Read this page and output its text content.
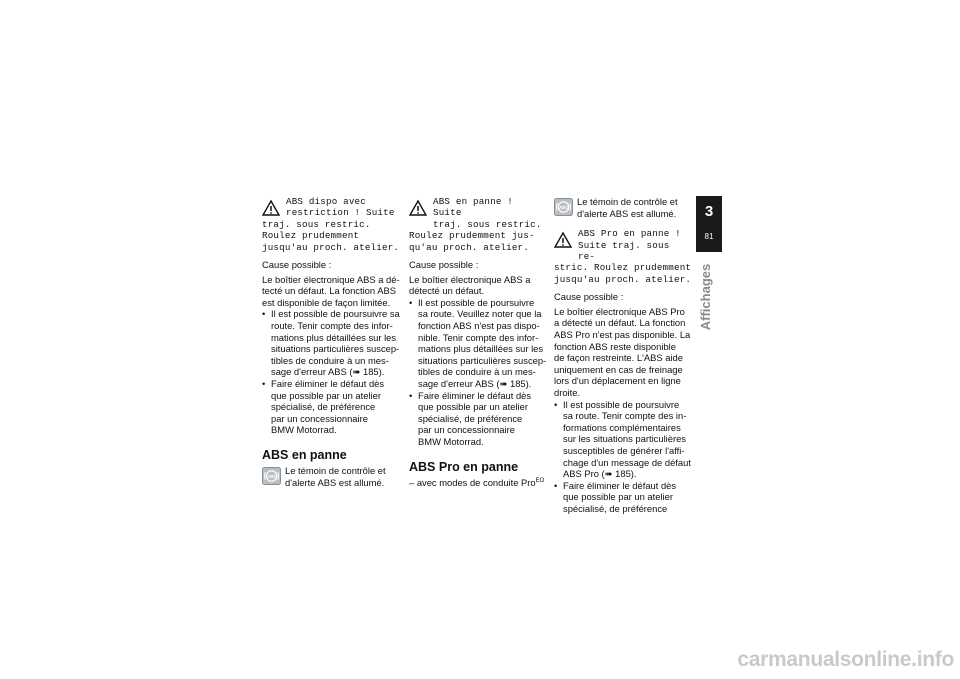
ABS dispo avec
restriction ! Suite
traj. sous restric.
Roulez prudemment
jusqu'au proch. atelier.

Cause possible :

Le boîtier électronique ABS a dé-

tecté un défaut. La fonction ABS

est disponible de façon limitée.

• Il est possible de poursuivre sa

route. Tenir compte des infor-

mations plus détaillées sur les

situations particulières suscep-

tibles de conduire à un mes-

sage d'erreur ABS (➠ 185).

• Faire éliminer le défaut dès

que possible par un atelier

spécialisé, de préférence

par un concessionnaire

BMW Motorrad.

ABS en panne
ABS
Le témoin de contrôle et
d'alerte ABS est allumé.
ABS en panne ! Suite
traj. sous restric.
Roulez prudemment jus-
qu'au proch. atelier.

Cause possible :

Le boîtier électronique ABS a

détecté un défaut.

• Il est possible de poursuivre

sa route. Veuillez noter que la

fonction ABS n'est pas dispo-

nible. Tenir compte des infor-

mations plus détaillées sur les

situations particulières suscep-

tibles de conduire à un mes-

sage d'erreur ABS (➠ 185).

• Faire éliminer le défaut dès

que possible par un atelier

spécialisé, de préférence

par un concessionnaire

BMW Motorrad.

ABS Pro en panne

– avec modes de conduite Pro$^{EO}$

ABS
Le témoin de contrôle et
d'alerte ABS est allumé.
ABS Pro en panne !
Suite traj. sous re-
stric. Roulez prudemment
jusqu'au proch. atelier.

Cause possible :

Le boîtier électronique ABS Pro

a détecté un défaut. La fonction

ABS Pro n'est pas disponible. La

fonction ABS reste disponible

de façon restreinte. L'ABS aide

uniquement en cas de freinage

lors d'un déplacement en ligne

droite.

• Il est possible de poursuivre

sa route. Tenir compte des in-

formations complémentaires

sur les situations particulières

susceptibles de générer l'affi-

chage d'un message de défaut

ABS Pro (➠ 185).

• Faire éliminer le défaut dès

que possible par un atelier

spécialisé, de préférence

3
81
Affichages
carmanualsonline.info
